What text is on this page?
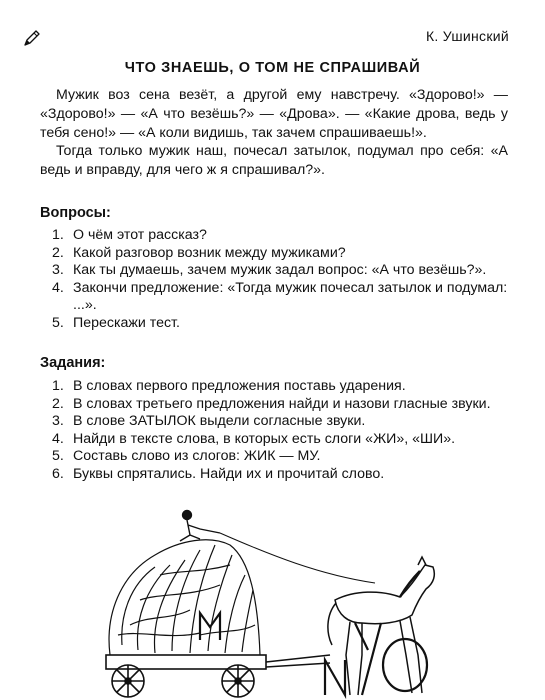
К. Ушинский
ЧТО ЗНАЕШЬ, О ТОМ НЕ СПРАШИВАЙ

Мужик воз сена везёт, а другой ему навстречу. «Здорово!» — «Здорово!» — «А что везёшь?» — «Дрова». — «Какие дрова, ведь у тебя сено!» — «А коли видишь, так зачем спрашиваешь!».

Тогда только мужик наш, почесал затылок, подумал про себя: «А ведь и вправду, для чего ж я спрашивал?».

Вопросы:
1. О чём этот рассказ?
2. Какой разговор возник между мужиками?
3. Как ты думаешь, зачем мужик задал вопрос: «А что везёшь?».
4. Закончи предложение: «Тогда мужик почесал затылок и подумал: ...».
5. Перескажи тест.
Задания:
1. В словах первого предложения поставь ударения.
2. В словах третьего предложения найди и назови гласные звуки.
3. В слове ЗАТЫЛОК выдели согласные звуки.
4. Найди в тексте слова, в которых есть слоги «ЖИ», «ШИ».
5. Составь слово из слогов: ЖИК — МУ.
6. Буквы спрятались. Найди их и прочитай слово.
